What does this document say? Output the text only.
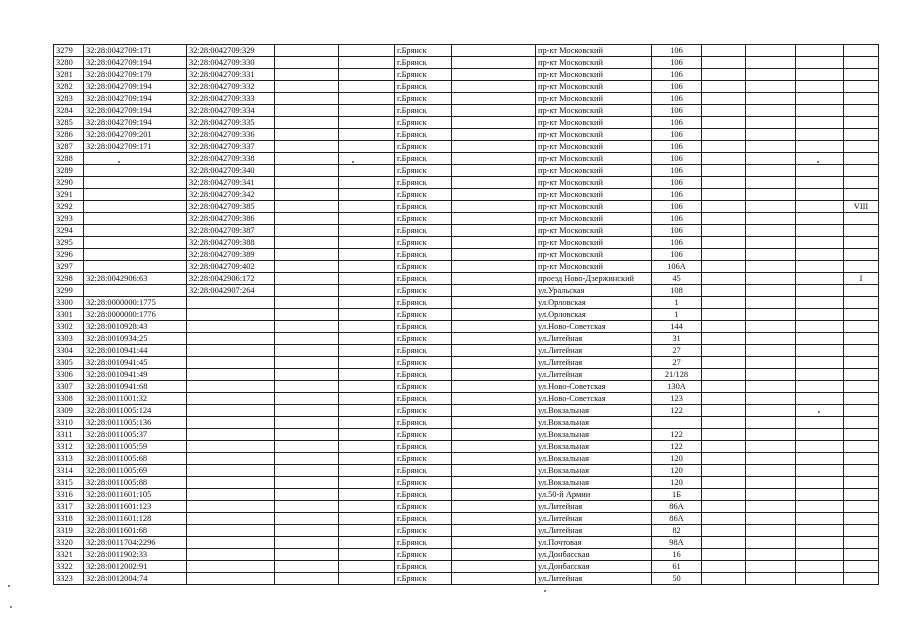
3279	32:28:0042709:171	32:28:0042709:329			г.Брянск		пр-кт Московский	106				
3280	32:28:0042709:194	32:28:0042709:330			г.Брянск		пр-кт Московский	106				
3281	32:28:0042709:179	32:28:0042709:331			г.Брянск		пр-кт Московский	106				
3282	32:28:0042709:194	32:28:0042709:332			г.Брянск		пр-кт Московский	106				
3283	32:28:0042709:194	32:28:0042709:333			г.Брянск		пр-кт Московский	106				
3284	32:28:0042709:194	32:28:0042709:334			г.Брянск		пр-кт Московский	106				
3285	32:28:0042709:194	32:28:0042709:335			г.Брянск		пр-кт Московский	106				
3286	32:28:0042709:201	32:28:0042709:336			г.Брянск		пр-кт Московский	106				
3287	32:28:0042709:171	32:28:0042709:337			г.Брянск		пр-кт Московский	106				
3288		32:28:0042709:338			г.Брянск		пр-кт Московский	106				
3289		32:28:0042709:340			г.Брянск		пр-кт Московский	106				
3290		32:28:0042709:341			г.Брянск		пр-кт Московский	106				
3291		32:28:0042709:342			г.Брянск		пр-кт Московский	106				
3292		32:28:0042709:385			г.Брянск		пр-кт Московский	106				VIII
3293		32:28:0042709:386			г.Брянск		пр-кт Московский	106				
3294		32:28:0042709:387			г.Брянск		пр-кт Московский	106				
3295		32:28:0042709:388			г.Брянск		пр-кт Московский	106				
3296		32:28:0042709:389			г.Брянск		пр-кт Московский	106				
3297		32:28:0042709:402			г.Брянск		пр-кт Московский	106А				
3298	32:28:0042906:63	32:28:0042906:172			г.Брянск		проезд Ново-Дзержинский	45				I
3299		32:28:0042907:264			г.Брянск		ул.Уральская	108				
3300	32:28:0000000:1775				г.Брянск		ул.Орловская	1				
3301	32:28:0000000:1776				г.Брянск		ул.Орловская	1				
3302	32:28:0010928:43				г.Брянск		ул.Ново-Советская	144				
3303	32:28:0010934:25				г.Брянск		ул.Литейная	31				
3304	32:28:0010941:44				г.Брянск		ул.Литейная	27				
3305	32:28:0010941:45				г.Брянск		ул.Литейная	27				
3306	32:28:0010941:49				г.Брянск		ул.Литейная	21/128				
3307	32:28:0010941:68				г.Брянск		ул.Ново-Советская	130А				
3308	32:28:0011001:32				г.Брянск		ул.Ново-Советская	123				
3309	32:28:0011005:124				г.Брянск		ул.Вокзальная	122				
3310	32:28:0011005:136				г.Брянск		ул.Вокзальная					
3311	32:28:0011005:37				г.Брянск		ул.Вокзальная	122				
3312	32:28:0011005:59				г.Брянск		ул.Вокзальная	122				
3313	32:28:0011005:68				г.Брянск		ул.Вокзальная	120				
3314	32:28:0011005:69				г.Брянск		ул.Вокзальная	120				
3315	32:28:0011005:88				г.Брянск		ул.Вокзальная	120				
3316	32:28:0011601:105				г.Брянск		ул.50-й Армии	1Б				
3317	32:28:0011601:123				г.Брянск		ул.Литейная	86А				
3318	32:28:0011601:128				г.Брянск		ул.Литейная	86А				
3319	32:28:0011601:68				г.Брянск		ул.Литейная	82				
3320	32:28:0011704:2296				г.Брянск		ул.Почтовая	98А				
3321	32:28:0011902:33				г.Брянск		ул.Донбасская	16				
3322	32:28:0012002:91				г.Брянск		ул.Донбасская	61				
3323	32:28:0012004:74				г.Брянск		ул.Литейная	50				
